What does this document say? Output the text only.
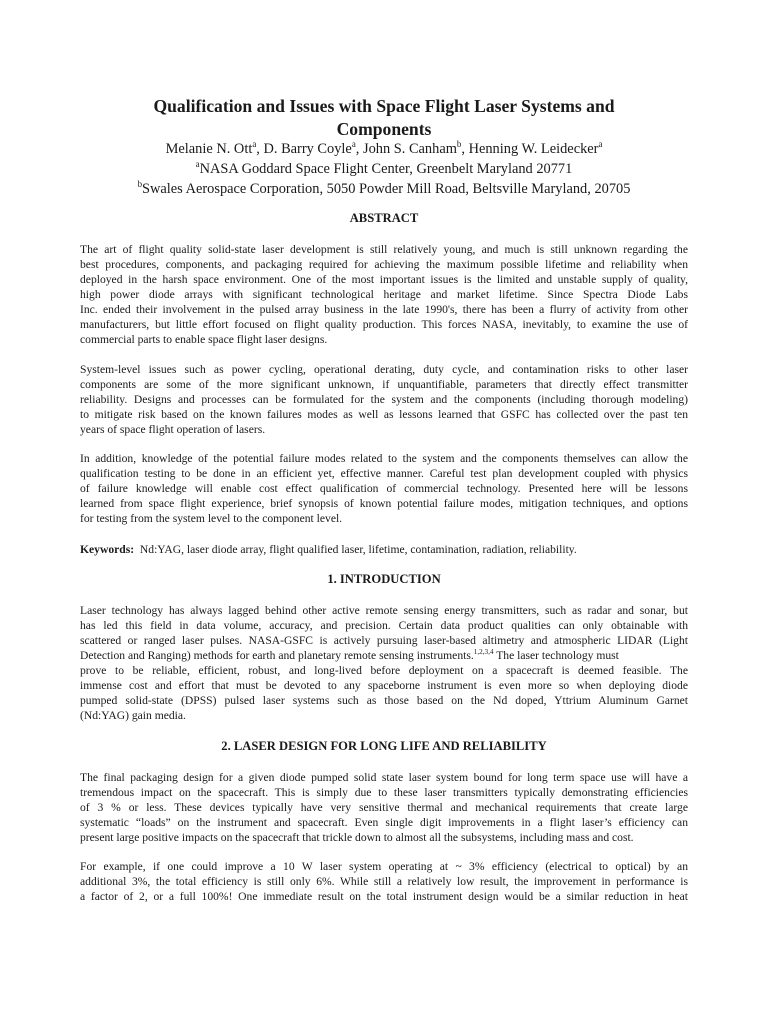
Qualification and Issues with Space Flight Laser Systems and
Components
Melanie N. Ott$^a$, D. Barry Coyle$^a$, John S. Canham$^b$, Henning W. Leidecker$^a$
$^a$NASA Goddard Space Flight Center, Greenbelt Maryland 20771
$^b$Swales Aerospace Corporation, 5050 Powder Mill Road, Beltsville Maryland, 20705
ABSTRACT
The art of flight quality solid-state laser development is still relatively young, and much is still unknown regarding the
best procedures, components, and packaging required for achieving the maximum possible lifetime and reliability when
deployed in the harsh space environment. One of the most important issues is the limited and unstable supply of quality,
high power diode arrays with significant technological heritage and market lifetime. Since Spectra Diode Labs
Inc. ended their involvement in the pulsed array business in the late 1990's, there has been a flurry of activity from other
manufacturers, but little effort focused on flight quality production. This forces NASA, inevitably, to examine the use of
commercial parts to enable space flight laser designs.
System-level issues such as power cycling, operational derating, duty cycle, and contamination risks to other laser
components are some of the more significant unknown, if unquantifiable, parameters that directly effect transmitter
reliability. Designs and processes can be formulated for the system and the components (including thorough modeling)
to mitigate risk based on the known failures modes as well as lessons learned that GSFC has collected over the past ten
years of space flight operation of lasers.
In addition, knowledge of the potential failure modes related to the system and the components themselves can allow the
qualification testing to be done in an efficient yet, effective manner. Careful test plan development coupled with physics
of failure knowledge will enable cost effect qualification of commercial technology. Presented here will be lessons
learned from space flight experience, brief synopsis of known potential failure modes, mitigation techniques, and options
for testing from the system level to the component level.
Keywords:  Nd:YAG, laser diode array, flight qualified laser, lifetime, contamination, radiation, reliability.
1. INTRODUCTION
Laser technology has always lagged behind other active remote sensing energy transmitters, such as radar and sonar, but
has led this field in data volume, accuracy, and precision. Certain data product qualities can only obtainable with
scattered or ranged laser pulses. NASA-GSFC is actively pursuing laser-based altimetry and atmospheric LIDAR (Light
Detection and Ranging) methods for earth and planetary remote sensing instruments.$^{1,2,3,4}$ The laser technology must
prove to be reliable, efficient, robust, and long-lived before deployment on a spacecraft is deemed feasible. The
immense cost and effort that must be devoted to any spaceborne instrument is even more so when deploying diode
pumped solid-state (DPSS) pulsed laser systems such as those based on the Nd doped, Yttrium Aluminum Garnet
(Nd:YAG) gain media.
2. LASER DESIGN FOR LONG LIFE AND RELIABILITY
The final packaging design for a given diode pumped solid state laser system bound for long term space use will have a
tremendous impact on the spacecraft. This is simply due to these laser transmitters typically demonstrating efficiencies
of 3 % or less. These devices typically have very sensitive thermal and mechanical requirements that create large
systematic “loads” on the instrument and spacecraft. Even single digit improvements in a flight laser’s efficiency can
present large positive impacts on the spacecraft that trickle down to almost all the subsystems, including mass and cost.
For example, if one could improve a 10 W laser system operating at ~ 3% efficiency (electrical to optical) by an
additional 3%, the total efficiency is still only 6%. While still a relatively low result, the improvement in performance is
a factor of 2, or a full 100%! One immediate result on the total instrument design would be a similar reduction in heat
